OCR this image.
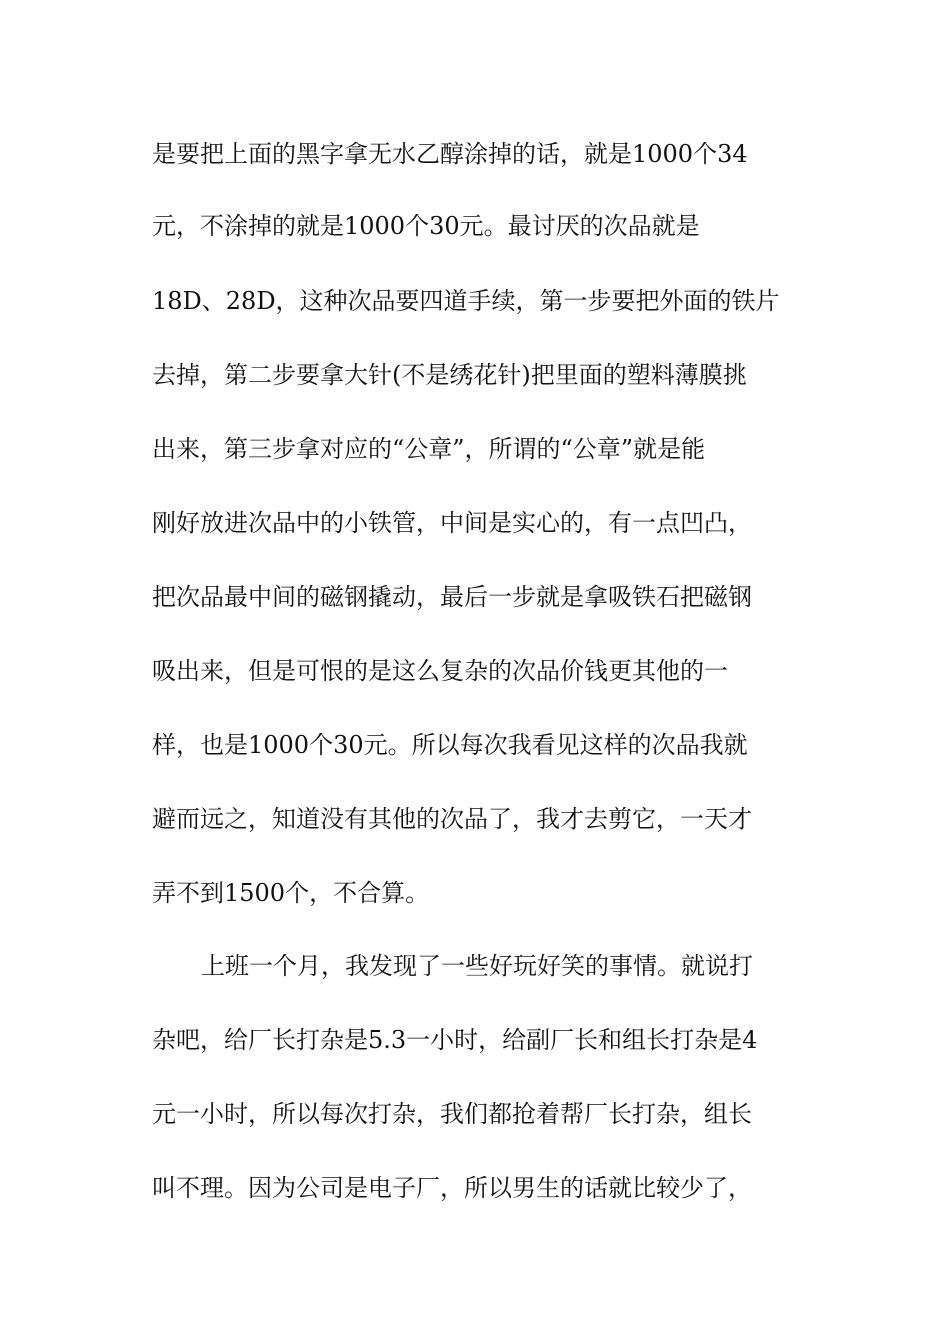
是要把上面的黑字拿无水乙醇涂掉的话，就是1000个34

元，不涂掉的就是1000个30元。最讨厌的次品就是

18D、28D，这种次品要四道手续，第一步要把外面的铁片

去掉，第二步要拿大针(不是绣花针)把里面的塑料薄膜挑

出来，第三步拿对应的“公章”，所谓的“公章”就是能

刚好放进次品中的小铁管，中间是实心的，有一点凹凸，

把次品最中间的磁钢撬动，最后一步就是拿吸铁石把磁钢

吸出来，但是可恨的是这么复杂的次品价钱更其他的一

样，也是1000个30元。所以每次我看见这样的次品我就

避而远之，知道没有其他的次品了，我才去剪它，一天才

弄不到1500个，不合算。

上班一个月，我发现了一些好玩好笑的事情。就说打

杂吧，给厂长打杂是5.3一小时，给副厂长和组长打杂是4

元一小时，所以每次打杂，我们都抢着帮厂长打杂，组长

叫不理。因为公司是电子厂，所以男生的话就比较少了，
